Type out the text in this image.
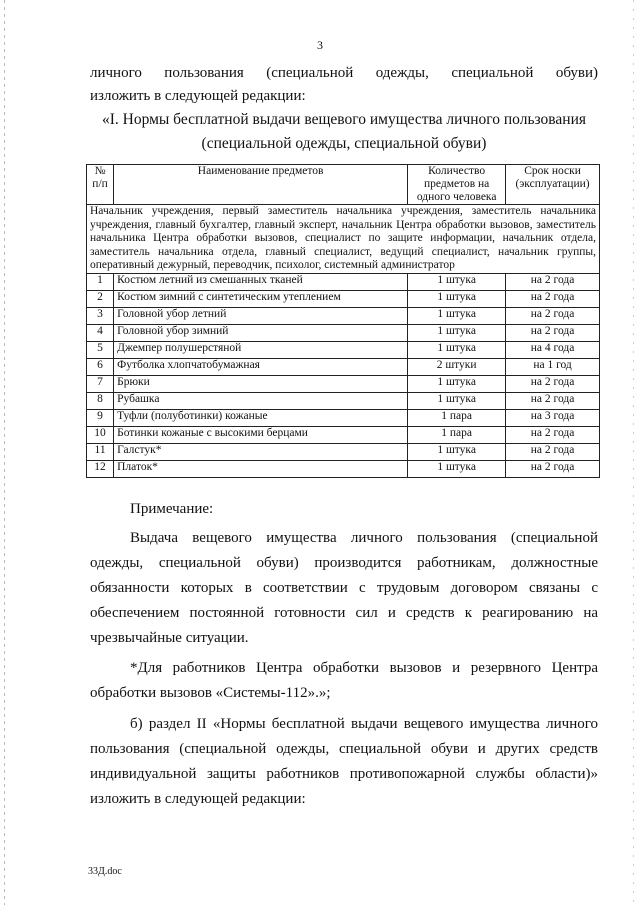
3
личного пользования (специальной одежды, специальной обуви)
изложить в следующей редакции:
«I. Нормы бесплатной выдачи вещевого имущества личного пользования
(специальной одежды, специальной обуви)
№ п/п	Наименование предметов	Количество предметов на одного человека	Срок носки (эксплуатации)
Начальник учреждения, первый заместитель начальника учреждения, заместитель начальника учреждения, главный бухгалтер, главный эксперт, начальник Центра обработки вызовов, заместитель начальника Центра обработки вызовов, специалист по защите информации, начальник отдела, заместитель начальника отдела, главный специалист, ведущий специалист, начальник группы, оперативный дежурный, переводчик, психолог, системный администратор			
1	Костюм летний из смешанных тканей	1 штука	на 2 года
2	Костюм зимний с синтетическим утеплением	1 штука	на 2 года
3	Головной убор летний	1 штука	на 2 года
4	Головной убор зимний	1 штука	на 2 года
5	Джемпер полушерстяной	1 штука	на 4 года
6	Футболка хлопчатобумажная	2 штуки	на 1 год
7	Брюки	1 штука	на 2 года
8	Рубашка	1 штука	на 2 года
9	Туфли (полуботинки) кожаные	1 пара	на 3 года
10	Ботинки кожаные с высокими берцами	1 пара	на 2 года
11	Галстук*	1 штука	на 2 года
12	Платок*	1 штука	на 2 года

Примечание:

Выдача вещевого имущества личного пользования (специальной одежды, специальной обуви) производится работникам, должностные обязанности которых в соответствии с трудовым договором связаны с обеспечением постоянной готовности сил и средств к реагированию на чрезвычайные ситуации.

*Для работников Центра обработки вызовов и резервного Центра обработки вызовов «Системы-112».»;

б) раздел II «Нормы бесплатной выдачи вещевого имущества личного пользования (специальной одежды, специальной обуви и других средств индивидуальной защиты работников противопожарной службы области)» изложить в следующей редакции:

33Д.doc
